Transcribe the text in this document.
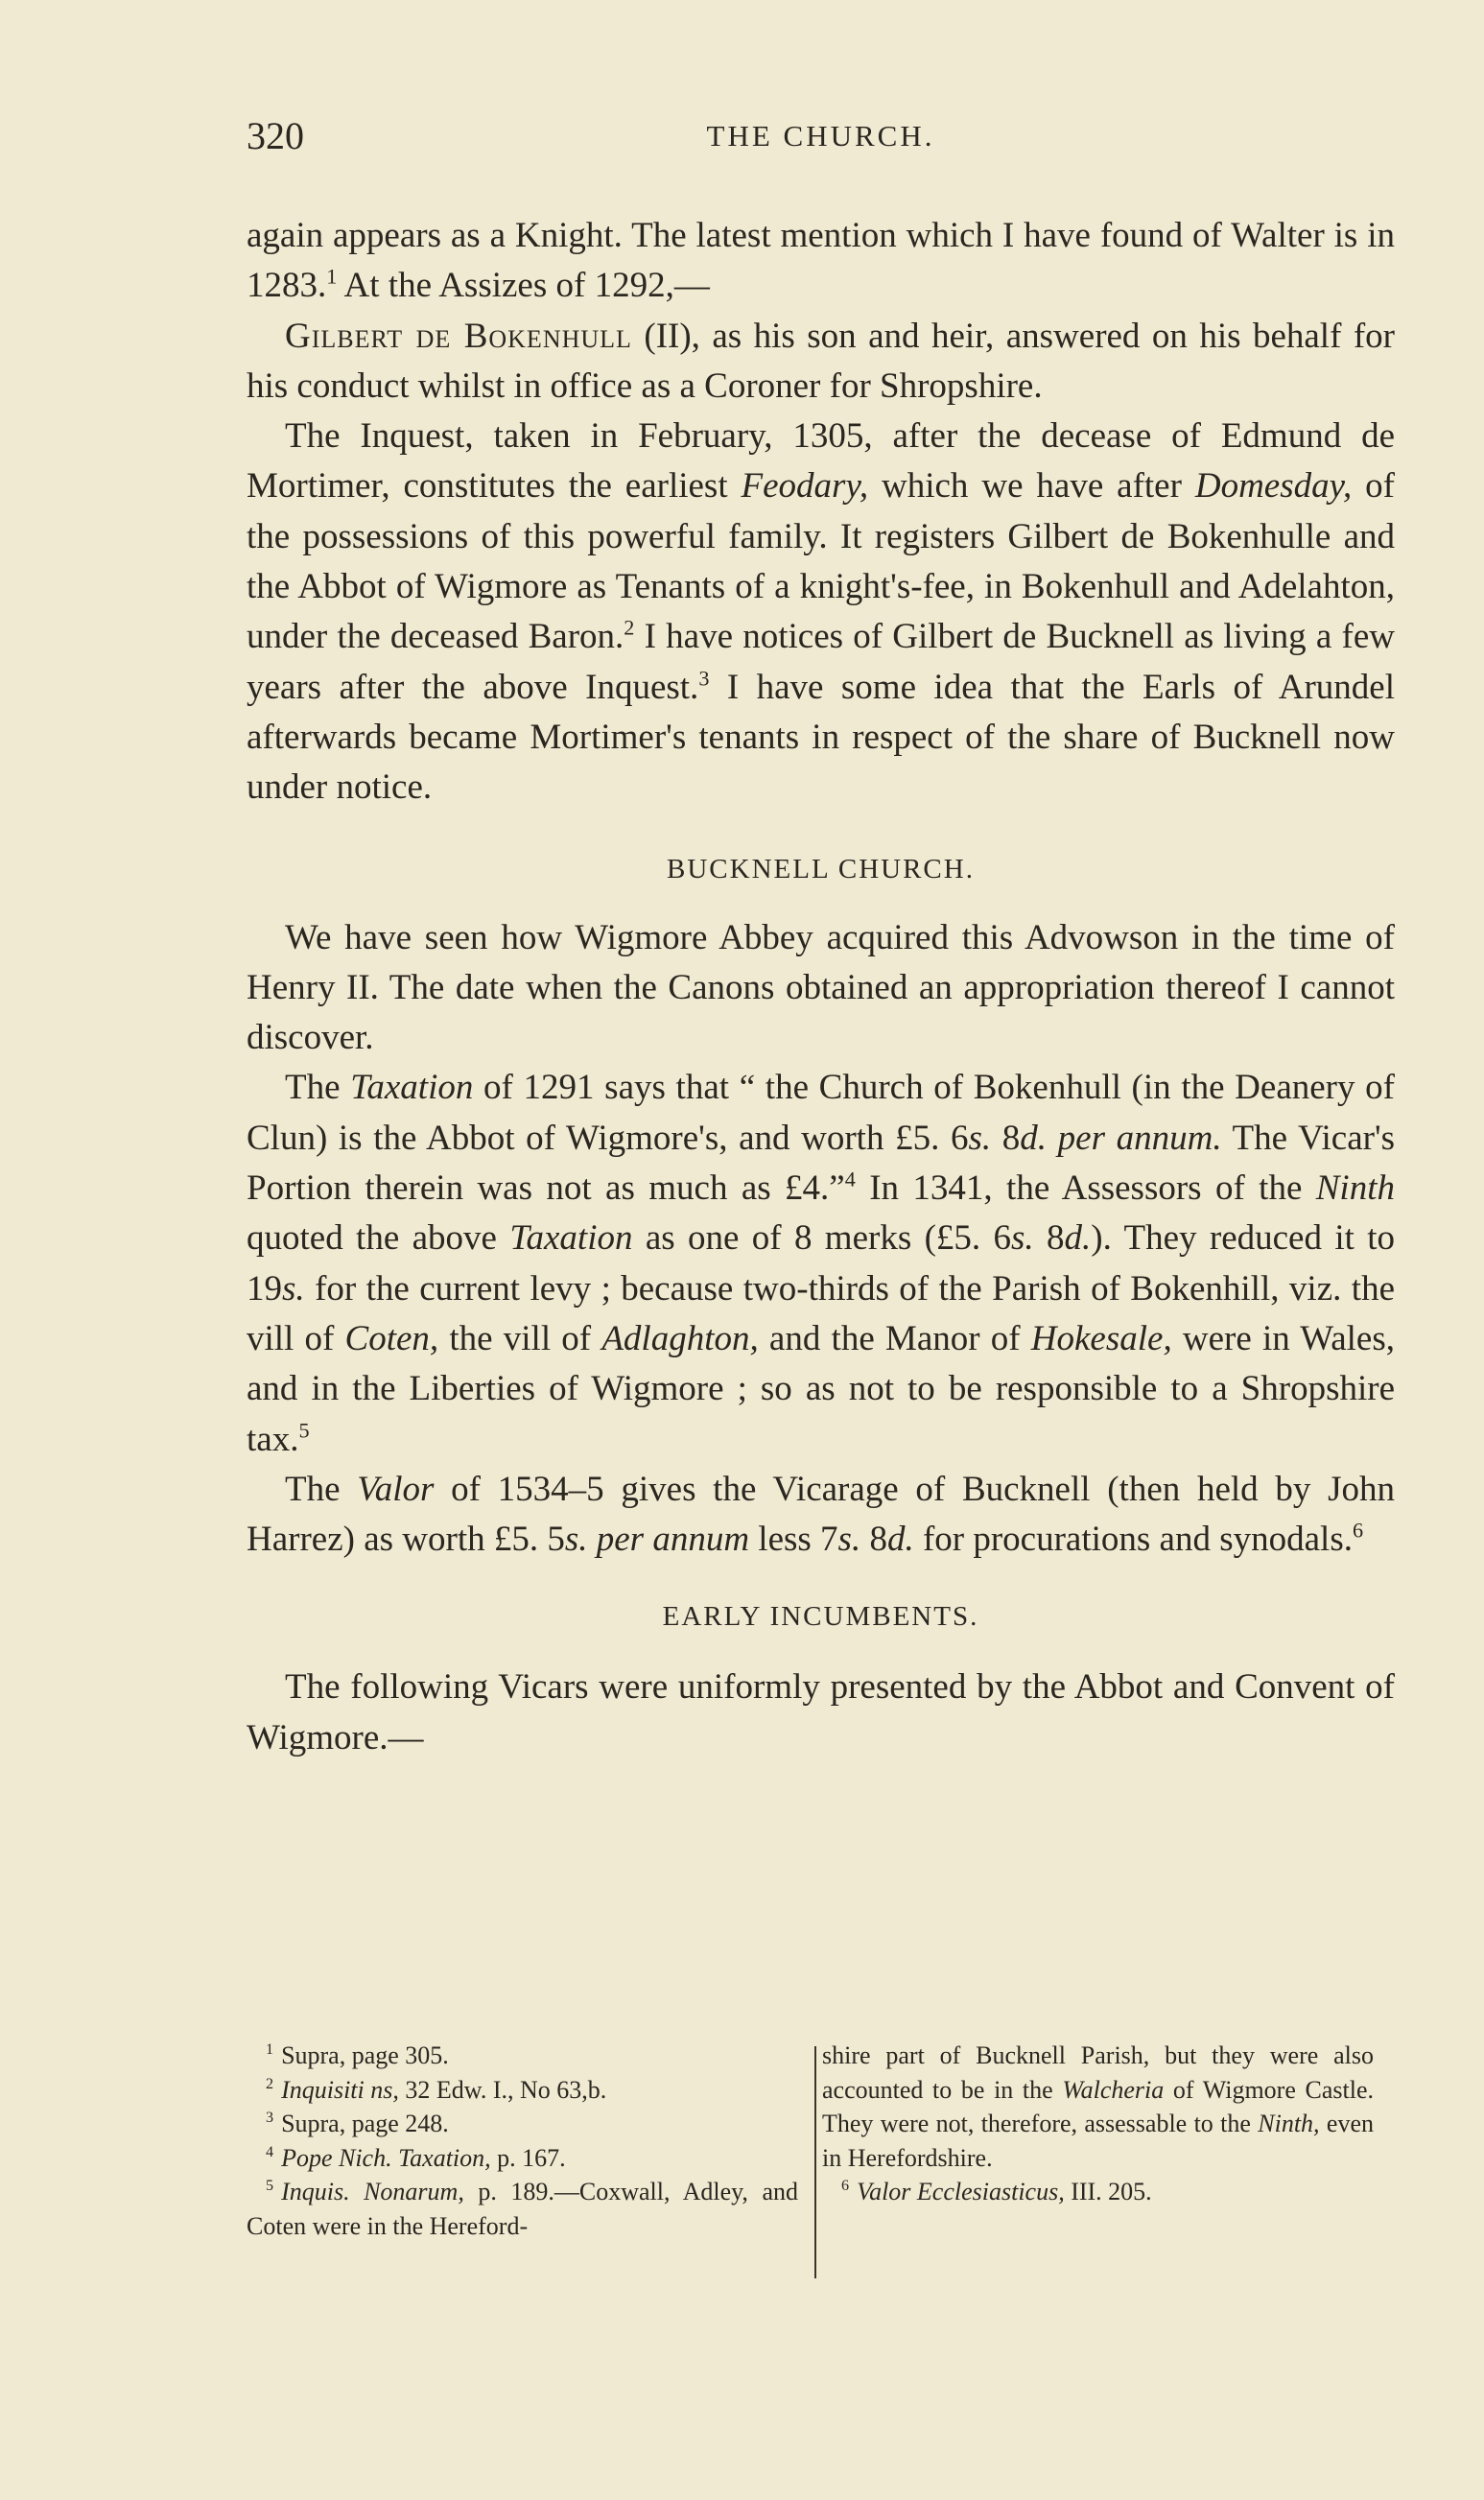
320	THE CHURCH.

again appears as a Knight. The latest mention which I have found of Walter is in 1283.$^1$ At the Assizes of 1292,—

Gilbert de Bokenhull (II), as his son and heir, answered on his behalf for his conduct whilst in office as a Coroner for Shropshire.

The Inquest, taken in February, 1305, after the decease of Edmund de Mortimer, constitutes the earliest Feodary, which we have after Domesday, of the possessions of this powerful family. It registers Gilbert de Bokenhulle and the Abbot of Wigmore as Tenants of a knight's-fee, in Bokenhull and Adelahton, under the deceased Baron.$^2$ I have notices of Gilbert de Bucknell as living a few years after the above Inquest.$^3$ I have some idea that the Earls of Arundel afterwards became Mortimer's tenants in respect of the share of Bucknell now under notice.

BUCKNELL CHURCH.

We have seen how Wigmore Abbey acquired this Advowson in the time of Henry II. The date when the Canons obtained an appropriation thereof I cannot discover.

The Taxation of 1291 says that “ the Church of Bokenhull (in the Deanery of Clun) is the Abbot of Wigmore's, and worth £5. 6s. 8d. per annum. The Vicar's Portion therein was not as much as £4.”$^4$ In 1341, the Assessors of the Ninth quoted the above Taxation as one of 8 merks (£5. 6s. 8d.). They reduced it to 19s. for the current levy ; because two-thirds of the Parish of Bokenhill, viz. the vill of Coten, the vill of Adlaghton, and the Manor of Hokesale, were in Wales, and in the Liberties of Wigmore ; so as not to be responsible to a Shropshire tax.$^5$

The Valor of 1534–5 gives the Vicarage of Bucknell (then held by John Harrez) as worth £5. 5s. per annum less 7s. 8d. for procurations and synodals.$^6$

EARLY INCUMBENTS.

The following Vicars were uniformly presented by the Abbot and Convent of Wigmore.—

$^1$ Supra, page 305.

$^2$ Inquisiti ns, 32 Edw. I., No 63,b.

$^3$ Supra, page 248.

$^4$ Pope Nich. Taxation, p. 167.

$^5$ Inquis. Nonarum, p. 189.—Coxwall, Adley, and Coten were in the Hereford-

shire part of Bucknell Parish, but they were also accounted to be in the Walcheria of Wigmore Castle. They were not, therefore, assessable to the Ninth, even in Herefordshire.

$^6$ Valor Ecclesiasticus, III. 205.
